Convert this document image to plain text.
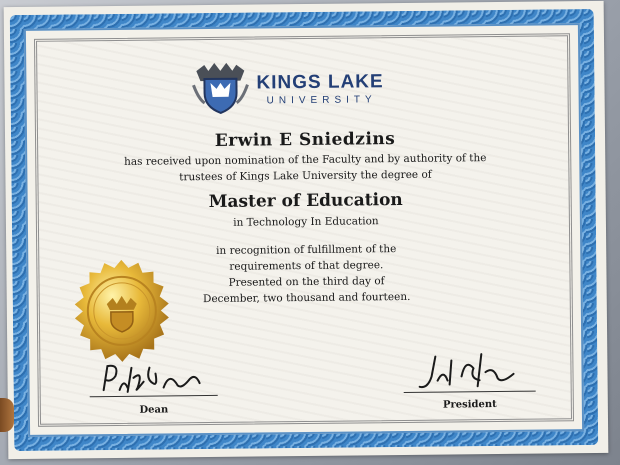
KINGS LAKE
UNIVERSITY
Erwin E Sniedzins
has received upon nomination of the Faculty and by authority of the
trustees of Kings Lake University the degree of
Master of Education
in Technology In Education
in recognition of fulfillment of the
requirements of that degree.
Presented on the third day of
December, two thousand and fourteen.
Dean	President
